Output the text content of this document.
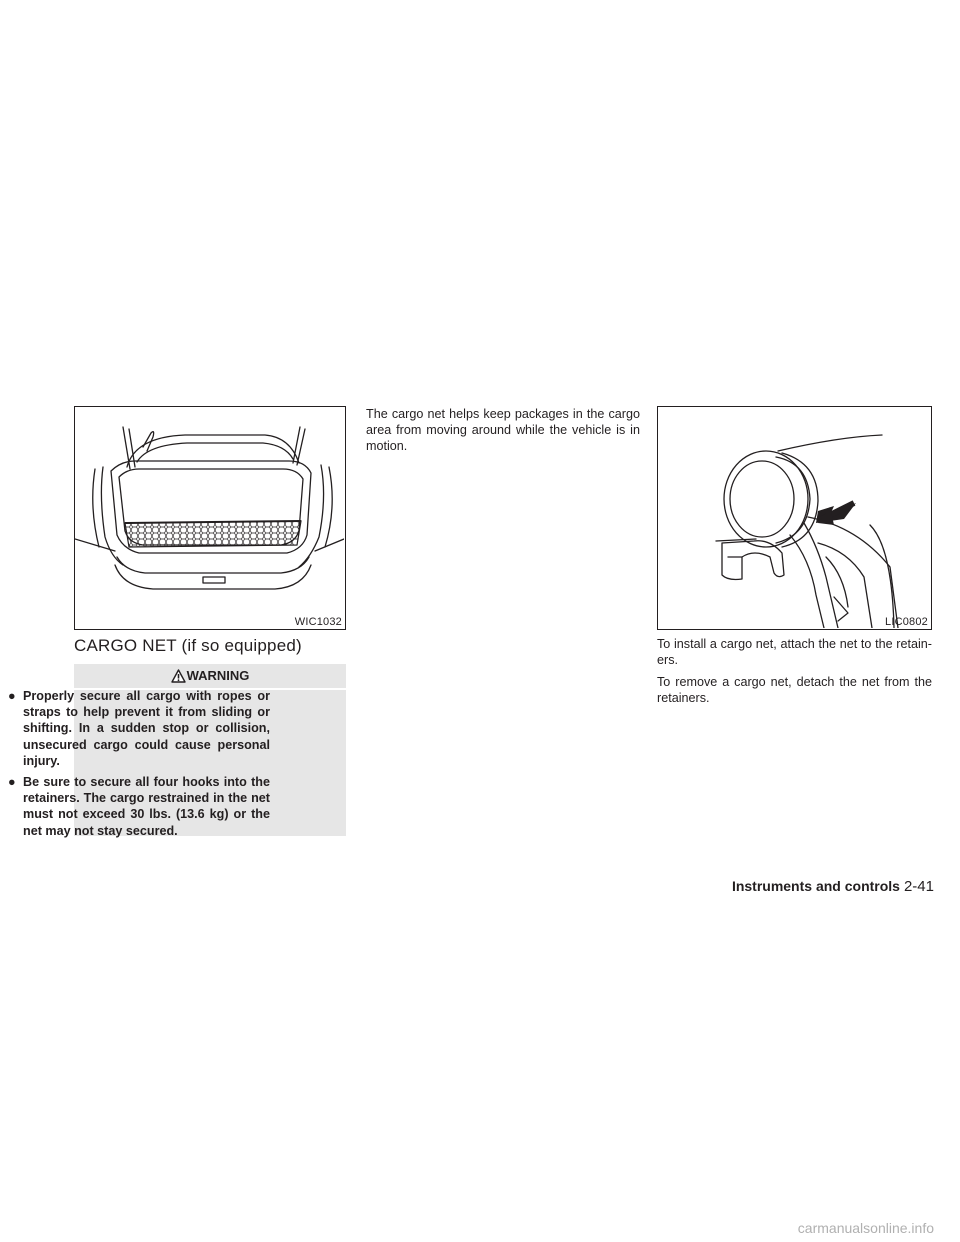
WIC1032
CARGO NET (if so equipped)
WARNING
● Properly secure all cargo with ropes or straps to help prevent it from sliding or shifting. In a sudden stop or collision, unsecured cargo could cause personal injury.
● Be sure to secure all four hooks into the retainers. The cargo restrained in the net must not exceed 30 lbs. (13.6 kg) or the net may not stay secured.

The cargo net helps keep packages in the cargo area from moving around while the vehicle is in motion.

LIC0802

To install a cargo net, attach the net to the retain- ers.

To remove a cargo net, detach the net from the retainers.

Instruments and controls 2-41
carmanualsonline.info
